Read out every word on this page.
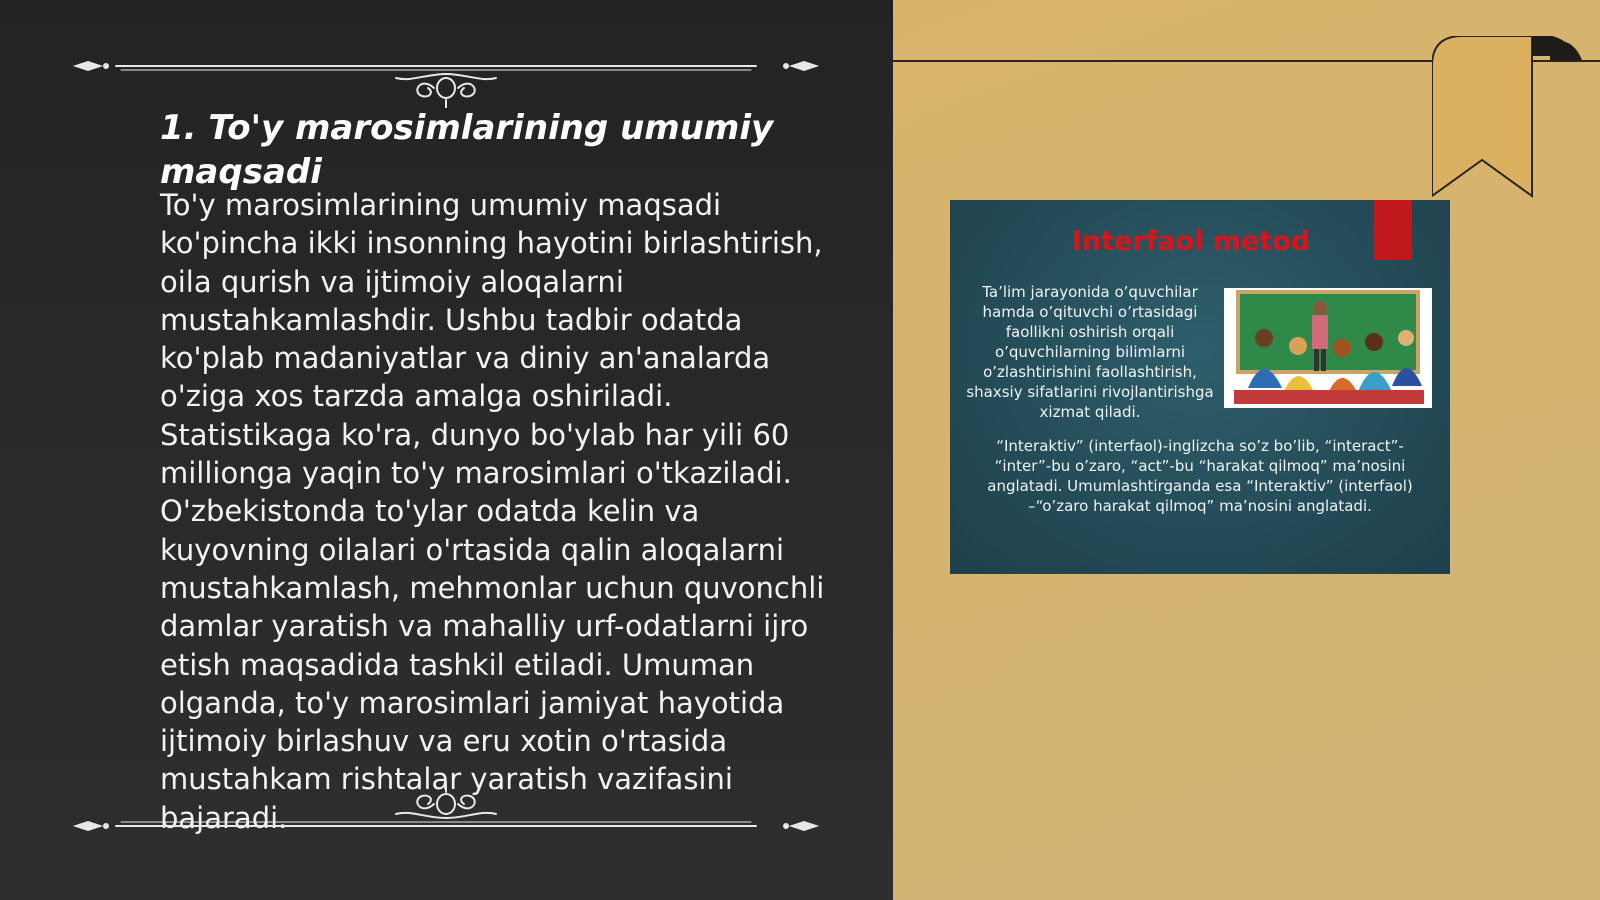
1. To'y marosimlarining umumiy maqsadi
To'y marosimlarining umumiy maqsadi ko'pincha ikki insonning hayotini birlashtirish, oila qurish va ijtimoiy aloqalarni mustahkamlashdir. Ushbu tadbir odatda ko'plab madaniyatlar va diniy an'analarda o'ziga xos tarzda amalga oshiriladi. Statistikaga ko'ra, dunyo bo'ylab har yili 60 millionga yaqin to'y marosimlari o'tkaziladi. O'zbekistonda to'ylar odatda kelin va kuyovning oilalari o'rtasida qalin aloqalarni mustahkamlash, mehmonlar uchun quvonchli damlar yaratish va mahalliy urf-odatlarni ijro etish maqsadida tashkil etiladi. Umuman olganda, to'y marosimlari jamiyat hayotida ijtimoiy birlashuv va eru xotin o'rtasida mustahkam rishtalar yaratish vazifasini bajaradi.
Interfaol metod
Ta’lim jarayonida o’quvchilar hamda o’qituvchi o’rtasidagi faollikni oshirish orqali o’quvchilarning bilimlarni o’zlashtirishini faollashtirish, shaxsiy sifatlarini rivojlantirishga xizmat qiladi.
“Interaktiv” (interfaol)-inglizcha so’z bo’lib, “interact”- “inter”-bu o’zaro, “act”-bu “harakat qilmoq” ma’nosini anglatadi. Umumlashtirganda esa “Interaktiv” (interfaol) –“o’zaro harakat qilmoq” ma’nosini anglatadi.
